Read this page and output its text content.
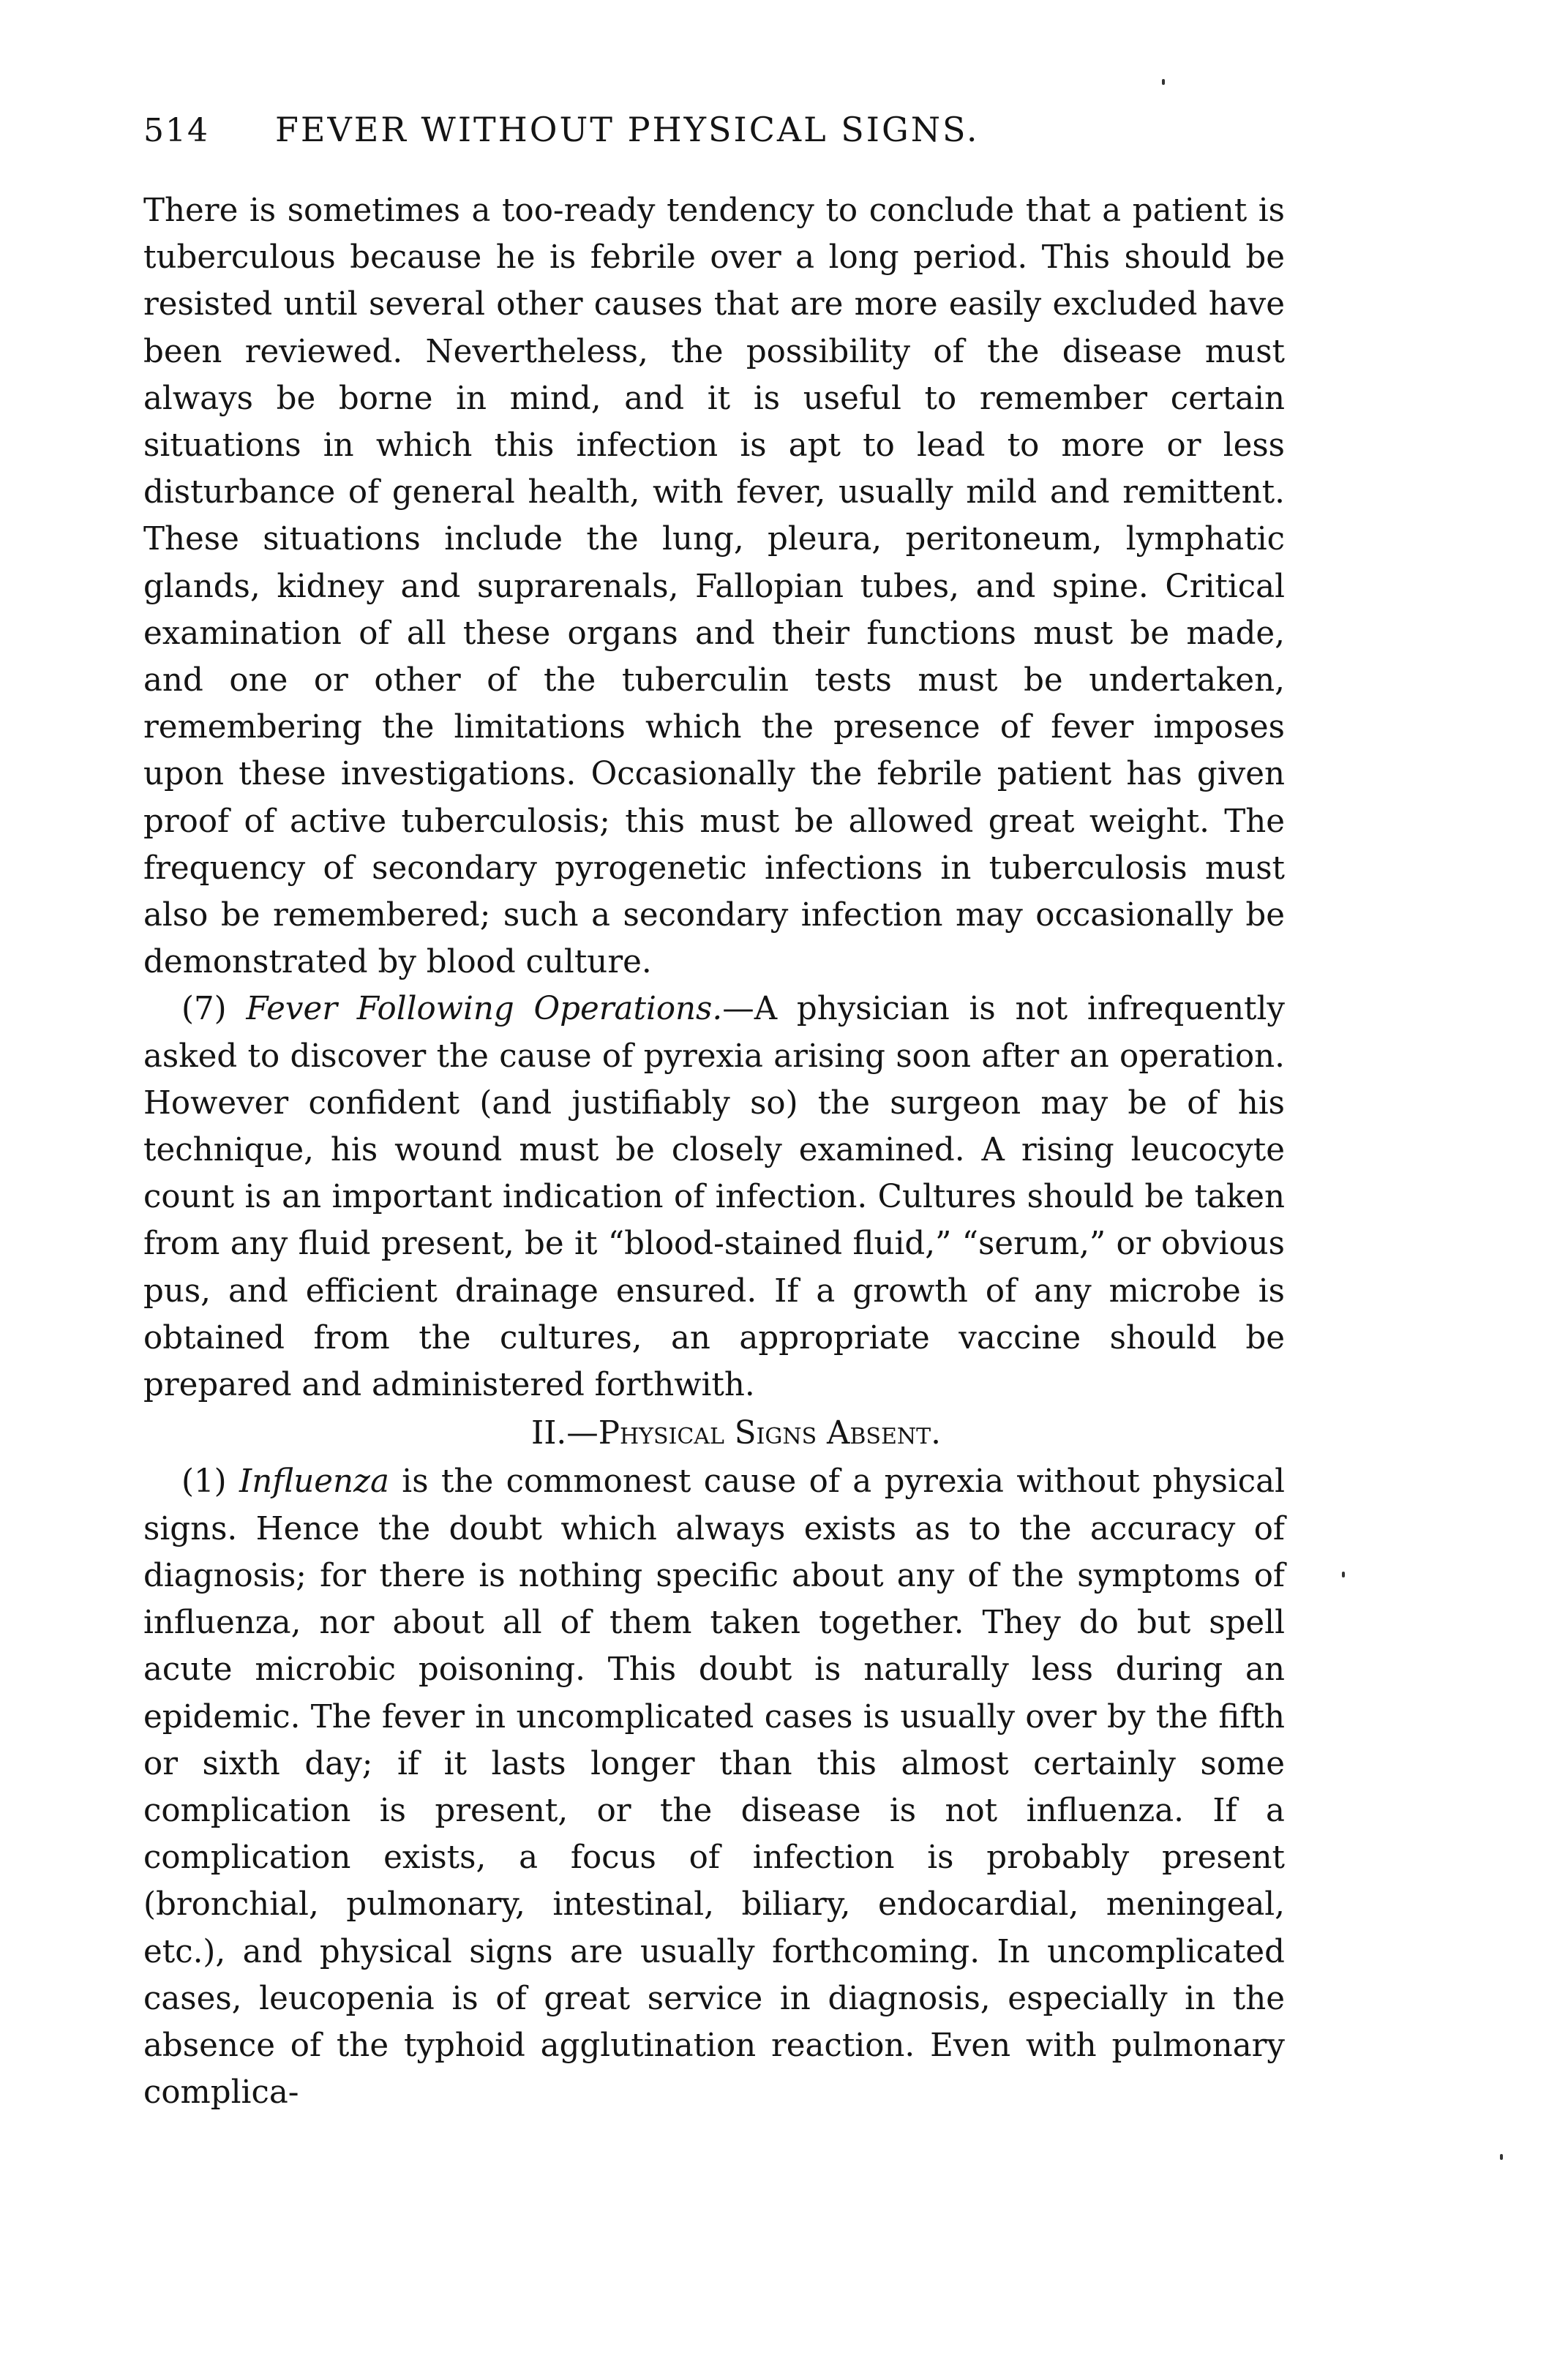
514	FEVER WITHOUT PHYSICAL SIGNS.

There is sometimes a too-ready tendency to conclude that a patient is tuberculous because he is febrile over a long period. This should be resisted until several other causes that are more easily excluded have been reviewed. Nevertheless, the possibility of the disease must always be borne in mind, and it is useful to remember certain situations in which this infection is apt to lead to more or less disturbance of general health, with fever, usually mild and remittent. These situations include the lung, pleura, peritoneum, lymphatic glands, kidney and suprarenals, Fallopian tubes, and spine. Critical examination of all these organs and their functions must be made, and one or other of the tuberculin tests must be undertaken, remembering the limitations which the presence of fever imposes upon these investigations. Occasionally the febrile patient has given proof of active tuberculosis; this must be allowed great weight. The frequency of secondary pyrogenetic infections in tuberculosis must also be remembered; such a secondary infection may occasionally be demonstrated by blood culture.

(7) Fever Following Operations.—A physician is not infrequently asked to discover the cause of pyrexia arising soon after an operation. However confident (and justifiably so) the surgeon may be of his technique, his wound must be closely examined. A rising leucocyte count is an important indication of infection. Cultures should be taken from any fluid present, be it “blood-stained fluid,” “serum,” or obvious pus, and efficient drainage ensured. If a growth of any microbe is obtained from the cultures, an appropriate vaccine should be prepared and administered forthwith.

II.—Physical Signs Absent.

(1) Influenza is the commonest cause of a pyrexia without physical signs. Hence the doubt which always exists as to the accuracy of diagnosis; for there is nothing specific about any of the symptoms of influenza, nor about all of them taken together. They do but spell acute microbic poisoning. This doubt is naturally less during an epidemic. The fever in uncomplicated cases is usually over by the fifth or sixth day; if it lasts longer than this almost certainly some complication is present, or the disease is not influenza. If a complication exists, a focus of infection is probably present (bronchial, pulmonary, intestinal, biliary, endocardial, meningeal, etc.), and physical signs are usually forthcoming. In uncomplicated cases, leucopenia is of great service in diagnosis, especially in the absence of the typhoid agglutination reaction. Even with pulmonary complica-
